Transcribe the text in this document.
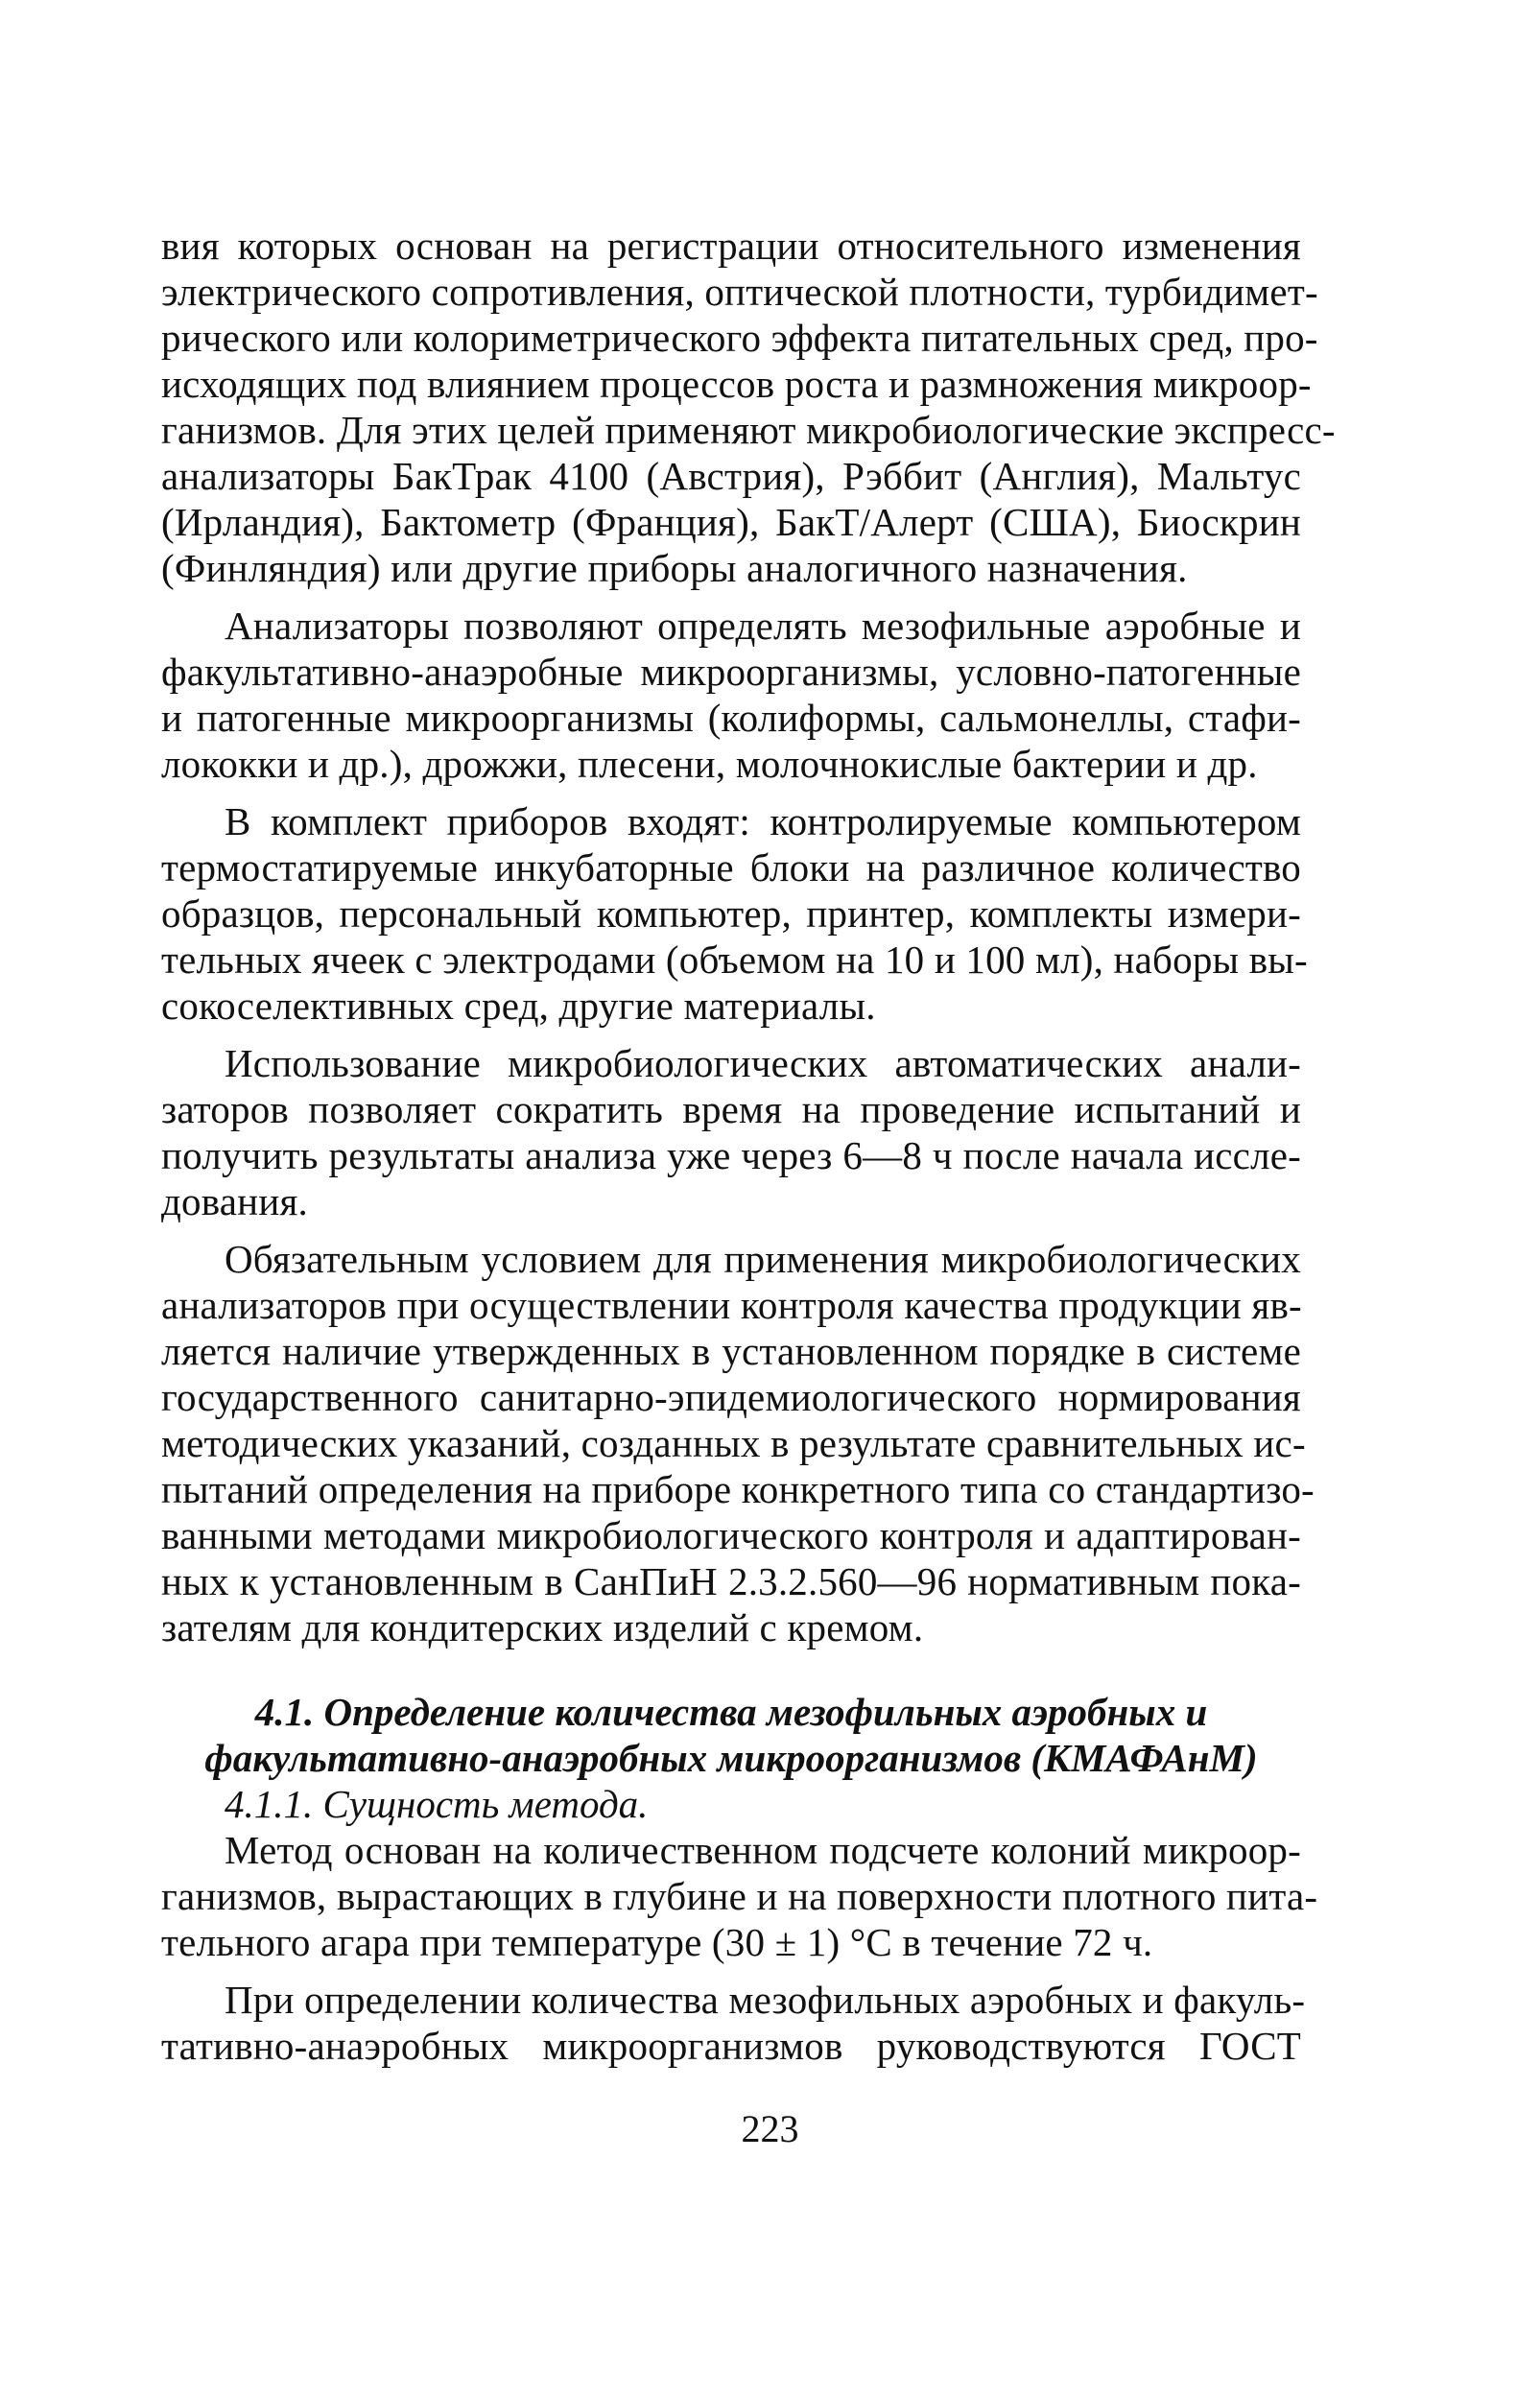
вия которых основан на регистрации относительного изменения
электрического сопротивления, оптической плотности, турбидимет-
рического или колориметрического эффекта питательных сред, про-
исходящих под влиянием процессов роста и размножения микроор-
ганизмов. Для этих целей применяют микробиологические экспресс-
анализаторы БакТрак 4100 (Австрия), Рэббит (Англия), Мальтус
(Ирландия), Бактометр (Франция), БакТ/Алерт (США), Биоскрин
(Финляндия) или другие приборы аналогичного назначения.
Анализаторы позволяют определять мезофильные аэробные и
факультативно-анаэробные микроорганизмы, условно-патогенные
и патогенные микроорганизмы (колиформы, сальмонеллы, стафи-
лококки и др.), дрожжи, плесени, молочнокислые бактерии и др.
В комплект приборов входят: контролируемые компьютером
термостатируемые инкубаторные блоки на различное количество
образцов, персональный компьютер, принтер, комплекты измери-
тельных ячеек с электродами (объемом на 10 и 100 мл), наборы вы-
сокоселективных сред, другие материалы.
Использование микробиологических автоматических анали-
заторов позволяет сократить время на проведение испытаний и
получить результаты анализа уже через 6—8 ч после начала иссле-
дования.
Обязательным условием для применения микробиологических
анализаторов при осуществлении контроля качества продукции яв-
ляется наличие утвержденных в установленном порядке в системе
государственного санитарно-эпидемиологического нормирования
методических указаний, созданных в результате сравнительных ис-
пытаний определения на приборе конкретного типа со стандартизо-
ванными методами микробиологического контроля и адаптирован-
ных к установленным в СанПиН 2.3.2.560—96 нормативным пока-
зателям для кондитерских изделий с кремом.
4.1. Определение количества мезофильных аэробных и
факультативно-анаэробных микроорганизмов (КМАФАнМ)
4.1.1. Сущность метода.
Метод основан на количественном подсчете колоний микроор-
ганизмов, вырастающих в глубине и на поверхности плотного пита-
тельного агара при температуре (30 ± 1) °С в течение 72 ч.
При определении количества мезофильных аэробных и факуль-
тативно-анаэробных микроорганизмов руководствуются ГОСТ
223
